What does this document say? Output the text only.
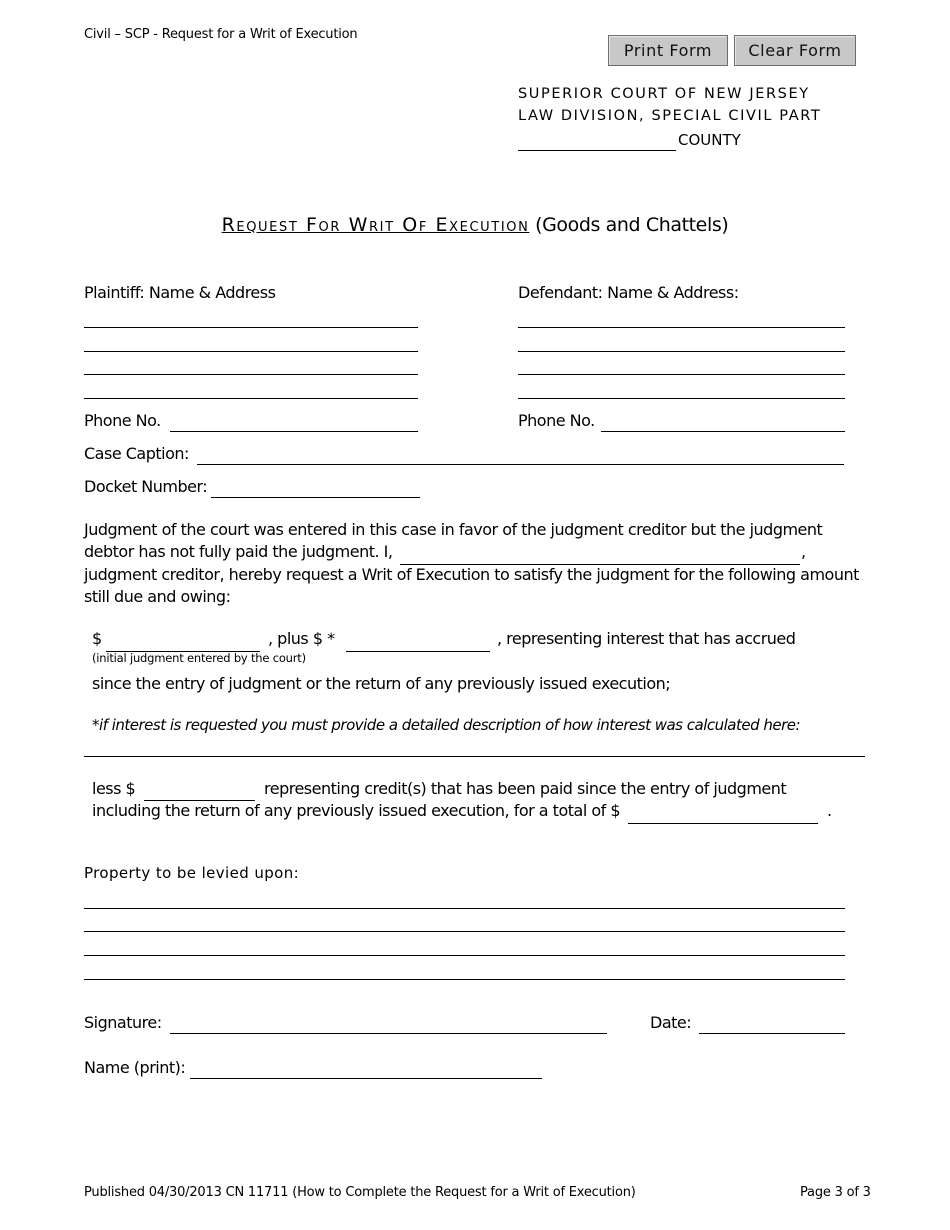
Civil – SCP - Request for a Writ of Execution
Print Form	Clear Form
SUPERIOR COURT OF NEW JERSEY
LAW DIVISION, SPECIAL CIVIL PART
COUNTY
Request For Writ Of Execution (Goods and Chattels)
Plaintiff: Name & Address
Phone No.
Defendant: Name & Address:
Phone No.
Case Caption:
Docket Number:
Judgment of the court was entered in this case in favor of the judgment creditor but the judgment
debtor has not fully paid the judgment. I,	,
judgment creditor, hereby request a Writ of Execution to satisfy the judgment for the following amount
still due and owing:
$
(initial judgment entered by the court)
, plus $ *	, representing interest that has accrued
since the entry of judgment or the return of any previously issued execution;
*if interest is requested you must provide a detailed description of how interest was calculated here:
less $	representing credit(s) that has been paid since the entry of judgment
including the return of any previously issued execution, for a total of $	.
Property to be levied upon:
Signature:	Date:
Name (print):
Published 04/30/2013 CN 11711 (How to Complete the Request for a Writ of Execution)	Page 3 of 3
